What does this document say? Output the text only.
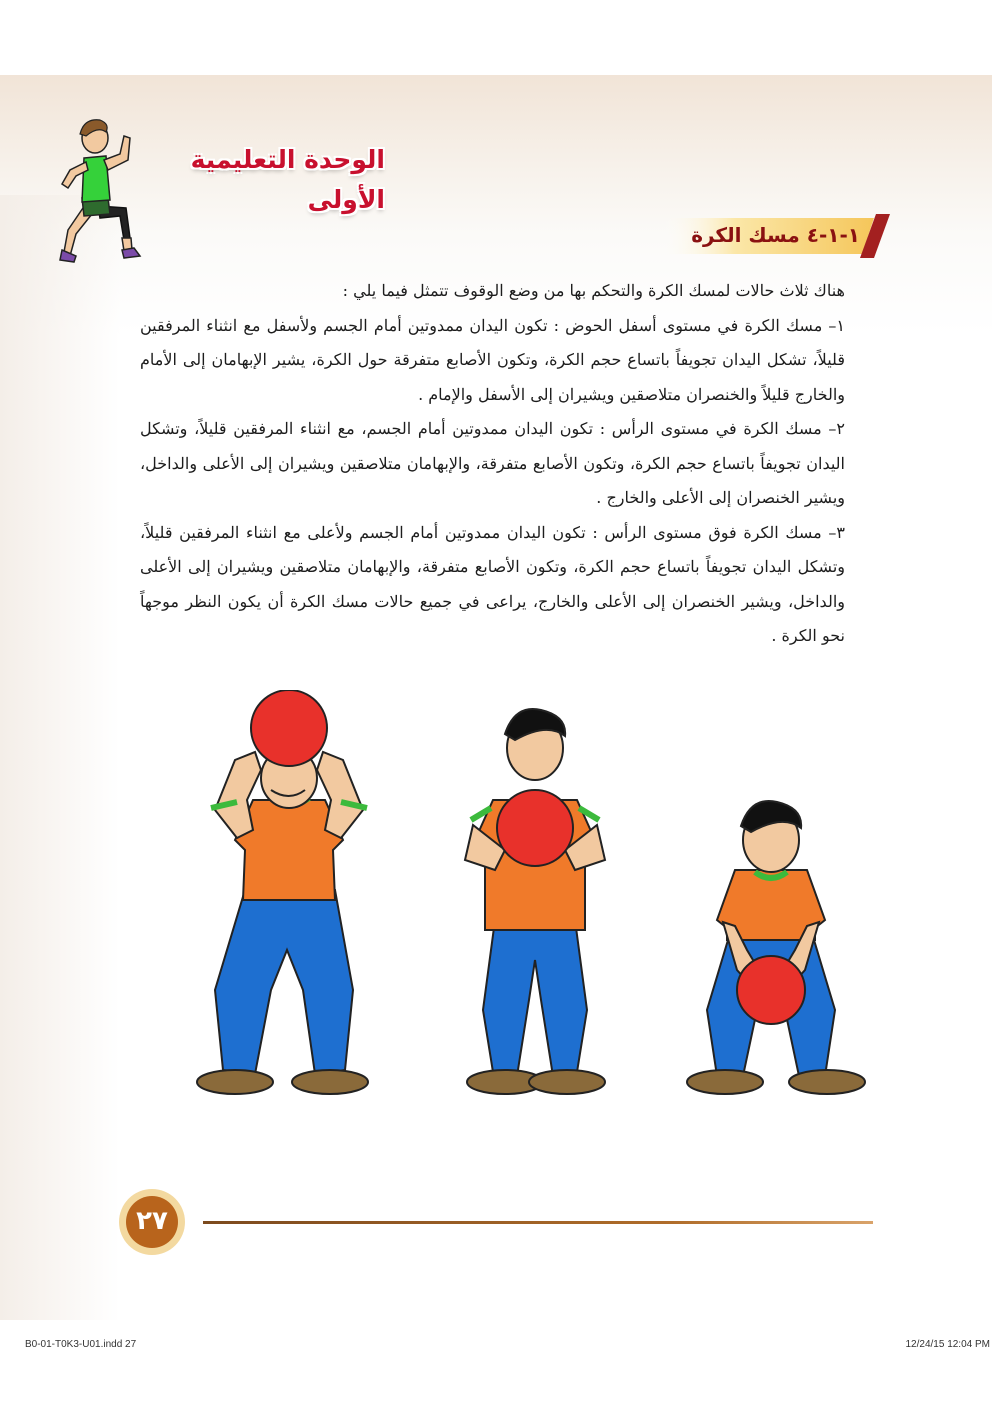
الوحدة التعليمية الأولى
١-١-٤ مسك الكرة

هناك ثلاث حالات لمسك الكرة والتحكم بها من وضع الوقوف تتمثل فيما يلي :

١– مسك الكرة في مستوى أسفل الحوض : تكون اليدان ممدوتين أمام الجسم ولأسفل مع انثناء المرفقين قليلاً، تشكل اليدان تجويفاً باتساع حجم الكرة، وتكون الأصابع متفرقة حول الكرة، يشير الإبهامان إلى الأمام والخارج قليلاً والخنصران متلاصقين ويشيران إلى الأسفل والإمام .

٢– مسك الكرة في مستوى الرأس : تكون اليدان ممدوتين أمام الجسم، مع انثناء المرفقين قليلاً، وتشكل اليدان تجويفاً باتساع حجم الكرة، وتكون الأصابع متفرقة، والإبهامان متلاصقين ويشيران إلى الأعلى والداخل، ويشير الخنصران إلى الأعلى والخارج .

٣– مسك الكرة فوق مستوى الرأس : تكون اليدان ممدوتين أمام الجسم ولأعلى مع انثناء المرفقين قليلاً، وتشكل اليدان تجويفاً باتساع حجم الكرة، وتكون الأصابع متفرقة، والإبهامان متلاصقين ويشيران إلى الأعلى والداخل، ويشير الخنصران إلى الأعلى والخارج، يراعى في جميع حالات مسك الكرة أن يكون النظر موجهاً نحو الكرة .

٢٧
B0-01-T0K3-U01.indd 27	12/24/15 12:04 PM
